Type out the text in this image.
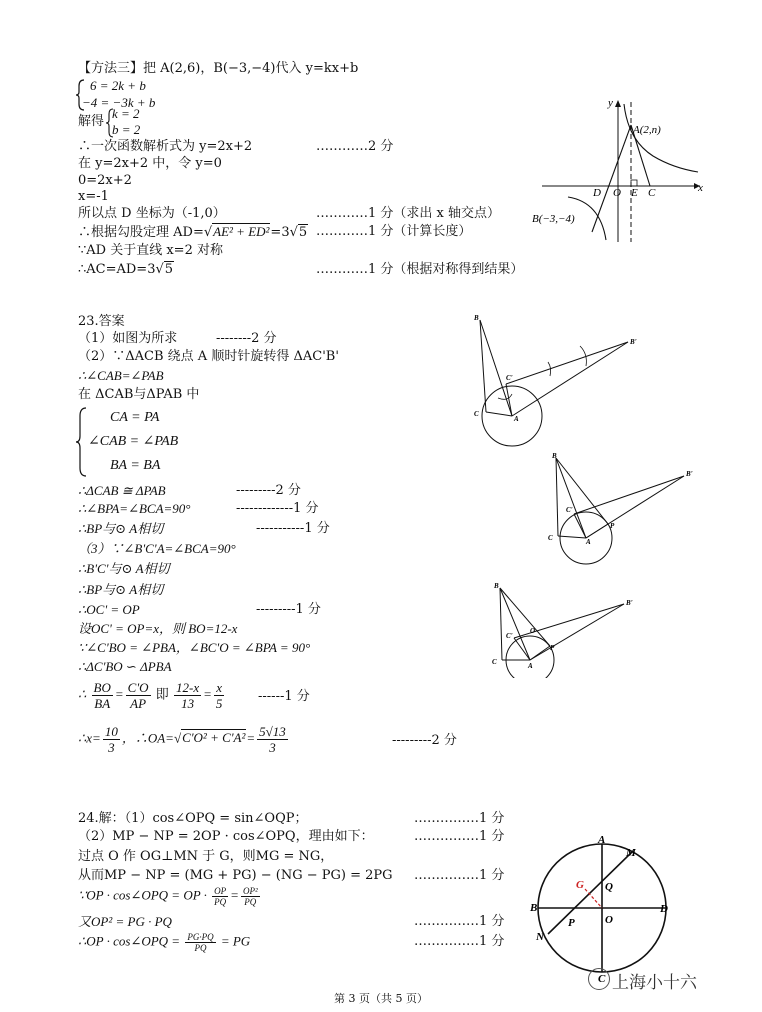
【方法三】把 A(2,6)，B(−3,−4)代入 y=kx+b
6 = 2k + b
−4 = −3k + b
解得
k = 2
b = 2
∴一次函数解析式为 y=2x+2	…………2 分
在 y=2x+2 中，令 y=0
0=2x+2
x=-1
所以点 D 坐标为（-1,0）	…………1 分（求出 x 轴交点）
∴根据勾股定理 AD=√AE² + ED²=3√5 …………1 分（计算长度）
∵AD 关于直线 x=2 对称
∴AC=AD=3√5	…………1 分（根据对称得到结果）
y
x
A(2,n)
D O E C
B(−3,−4)
23.答案
（1）如图为所求	--------2 分
（2）∵ΔACB 绕点 A 顺时针旋转得 ΔAC'B'
∴∠CAB=∠PAB
在 ΔCAB与ΔPAB 中
CA = PA
∠CAB = ∠PAB
BA = BA
∴ΔCAB ≅ ΔPAB	---------2 分
∴∠BPA=∠BCA=90°	-------------1 分
∴BP与⊙ A相切	-----------1 分
（3）∵∠B'C'A=∠BCA=90°
∴B'C'与⊙ A相切
∴BP与⊙ A相切
∴OC' = OP	---------1 分
设OC' = OP=x，则 BO=12-x
∵∠C'BO = ∠PBA，∠BC'O = ∠BPA = 90°
∴ΔC'BO ∽ ΔPBA
∴ $\frac{BO}{BA} = \frac{C'O}{AP}$ 即 $\frac{12-x}{13} = \frac{x}{5}$	------1 分
∴x= $\frac{10}{3}$ ，∴OA=√C'O² + $C'A^2= \frac{5√13}{3}$	---------2 分
B
B'
C'
C
A
B
B'
C'
C	A
P
B
B'
C'
O
C	A
P
24.解：（1）cos∠OPQ = sin∠OQP；	……………1 分
（2）MP − NP = 2OP · cos∠OPQ，理由如下：	……………1 分
过点 O 作 OG⊥MN 于 G，则MG = NG，
从而MP − NP = (MG + PG) − (NG − PG) = 2PG ……………1 分
∵OP · cos∠OPQ = OP · $\frac{OP}{PQ} = \frac{\text{OP²}}{PQ}$
又OP² = PG · PQ	……………1 分
∴OP · cos∠OPQ = $\frac{PG\cdot PQ}{PQ}$ = PG	……………1 分
A
M
G Q
B
P	O
D
N
C 上海小十六
第 3 页（共 5 页）
